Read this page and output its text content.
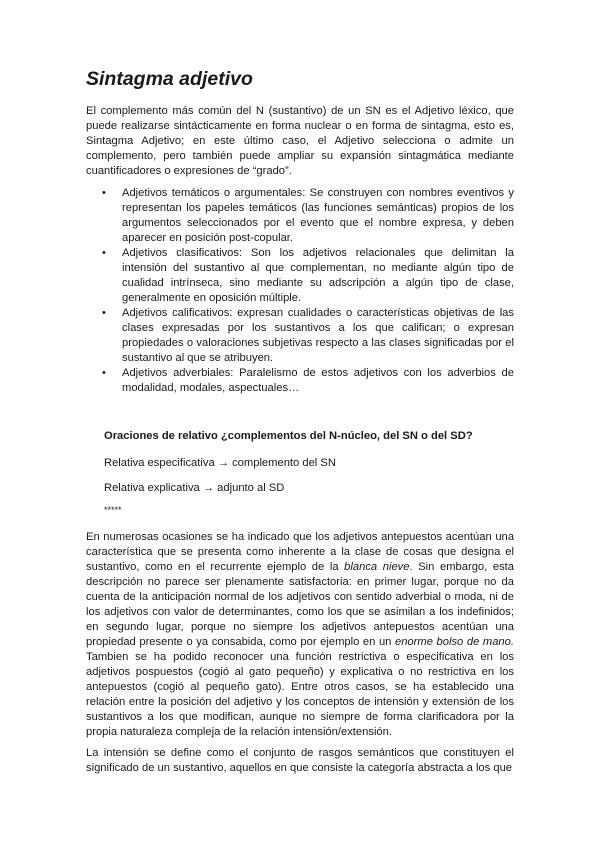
Sintagma adjetivo

El complemento más común del N (sustantivo) de un SN es el Adjetivo léxico, que puede realizarse sintácticamente en forma nuclear o en forma de sintagma, esto es, Sintagma Adjetivo; en este último caso, el Adjetivo selecciona o admite un complemento, pero también puede ampliar su expansión sintagmática mediante cuantificadores o expresiones de “grado”.

• Adjetivos temáticos o argumentales: Se construyen con nombres eventivos y representan los papeles temáticos (las funciones semánticas) propios de los argumentos seleccionados por el evento que el nombre expresa, y deben aparecer en posición post-copular.
• Adjetivos clasificativos: Son los adjetivos relacionales que delimitan la intensión del sustantivo al que complementan, no mediante algún tipo de cualidad intrínseca, sino mediante su adscripción a algún tipo de clase, generalmente en oposición múltiple.
• Adjetivos calificativos: expresan cualidades o características objetivas de las clases expresadas por los sustantivos a los que califican; o expresan propiedades o valoraciones subjetivas respecto a las clases significadas por el sustantivo al que se atribuyen.
• Adjetivos adverbiales: Paralelismo de estos adjetivos con los adverbios de modalidad, modales, aspectuales…

Oraciones de relativo ¿complementos del N-núcleo, del SN o del SD?

Relativa especificativa → complemento del SN

Relativa explicativa → adjunto al SD

*****

En numerosas ocasiones se ha indicado que los adjetivos antepuestos acentúan una característica que se presenta como inherente a la clase de cosas que designa el sustantivo, como en el recurrente ejemplo de la blanca nieve. Sin embargo, esta descripción no parece ser plenamente satisfactoria: en primer lugar, porque no da cuenta de la anticipación normal de los adjetivos con sentido adverbial o moda, ni de los adjetivos con valor de determinantes, como los que se asimilan a los indefinidos; en segundo lugar, porque no siempre los adjetivos antepuestos acentúan una propiedad presente o ya consabida, como por ejemplo en un enorme bolso de mano. Tambien se ha podido reconocer una función restrictiva o especificativa en los adjetivos pospuestos (cogió al gato pequeño) y explicativa o no restrictiva en los antepuestos (cogió al pequeño gato). Entre otros casos, se ha establecido una relación entre la posición del adjetivo y los conceptos de intensión y extensión de los sustantivos a los que modifican, aunque no siempre de forma clarificadora por la propia naturaleza compleja de la relación intensión/extensión.

La intensión se define como el conjunto de rasgos semánticos que constituyen el significado de un sustantivo, aquellos en que consiste la categoría abstracta a los que
